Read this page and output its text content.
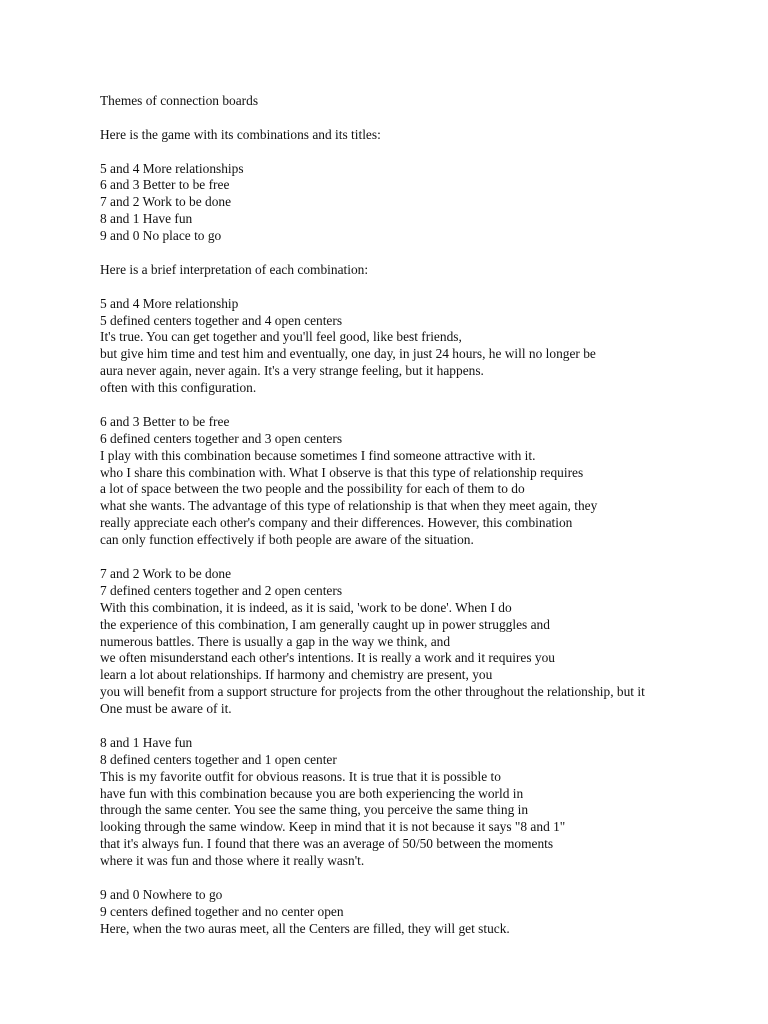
Themes of connection boards
Here is the game with its combinations and its titles:
5 and 4 More relationships
6 and 3 Better to be free
7 and 2 Work to be done
8 and 1 Have fun
9 and 0 No place to go
Here is a brief interpretation of each combination:
5 and 4 More relationship
5 defined centers together and 4 open centers
It's true. You can get together and you'll feel good, like best friends,
but give him time and test him and eventually, one day, in just 24 hours, he will no longer be
aura never again, never again. It's a very strange feeling, but it happens.
often with this configuration.
6 and 3 Better to be free
6 defined centers together and 3 open centers
I play with this combination because sometimes I find someone attractive with it.
who I share this combination with. What I observe is that this type of relationship requires
a lot of space between the two people and the possibility for each of them to do
what she wants. The advantage of this type of relationship is that when they meet again, they
really appreciate each other's company and their differences. However, this combination
can only function effectively if both people are aware of the situation.
7 and 2 Work to be done
7 defined centers together and 2 open centers
With this combination, it is indeed, as it is said, 'work to be done'. When I do
the experience of this combination, I am generally caught up in power struggles and
numerous battles. There is usually a gap in the way we think, and
we often misunderstand each other's intentions. It is really a work and it requires you
learn a lot about relationships. If harmony and chemistry are present, you
you will benefit from a support structure for projects from the other throughout the relationship, but it
One must be aware of it.
8 and 1 Have fun
8 defined centers together and 1 open center
This is my favorite outfit for obvious reasons. It is true that it is possible to
have fun with this combination because you are both experiencing the world in
through the same center. You see the same thing, you perceive the same thing in
looking through the same window. Keep in mind that it is not because it says "8 and 1"
that it's always fun. I found that there was an average of 50/50 between the moments
where it was fun and those where it really wasn't.
9 and 0 Nowhere to go
9 centers defined together and no center open
Here, when the two auras meet, all the Centers are filled, they will get stuck.
